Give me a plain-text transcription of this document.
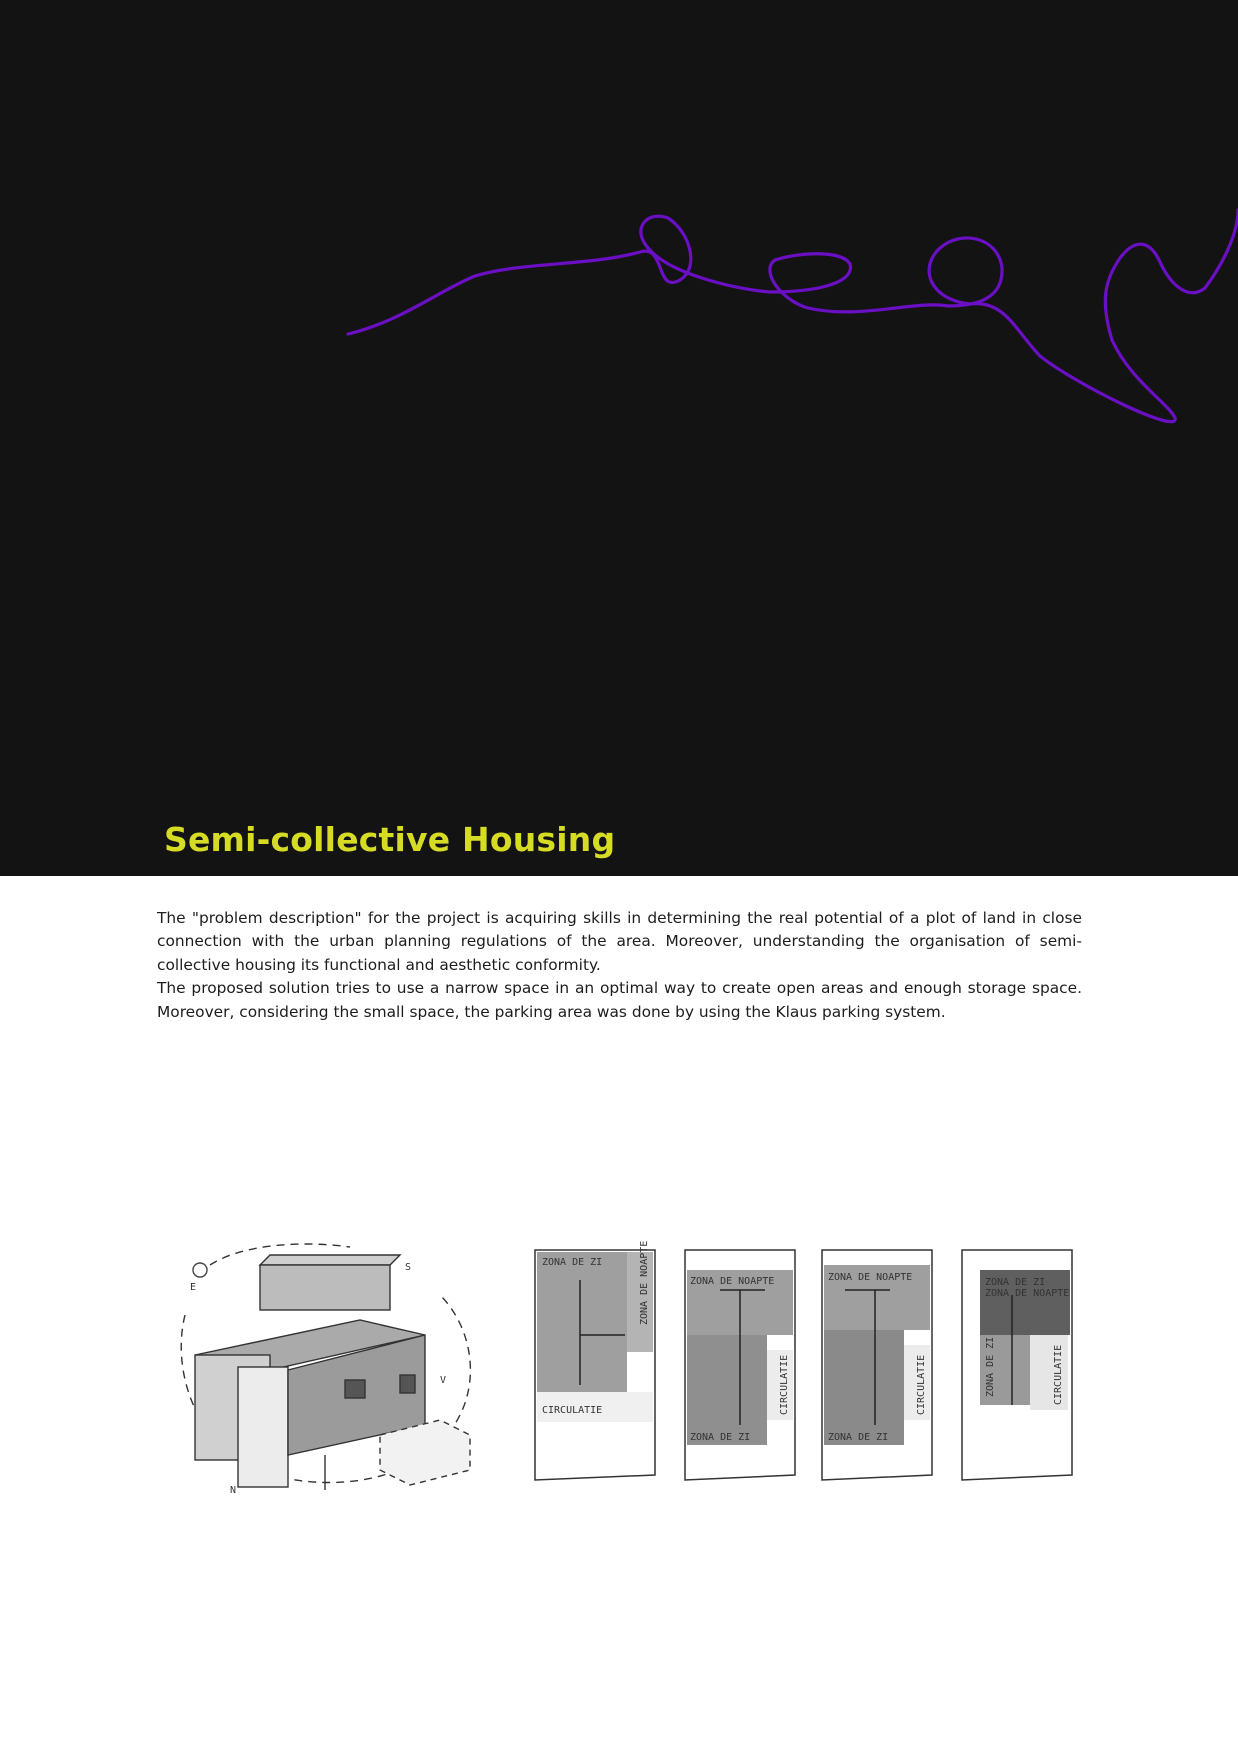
Semi-collective Housing

The "problem description" for the project is acquiring skills in determining the real potential of a plot of land in close connection with the urban planning regulations of the area. Moreover, understanding the organisation of semi-collective housing its functional and aesthetic conformity.

The proposed solution tries to use a narrow space in an optimal way to create open areas and enough storage space. Moreover, considering the small space, the parking area was done by using the Klaus parking system.

S
E
N
V
ZONA DE ZI	ZONA DE NOAPTE
CIRCULATIE
ZONA DE NOAPTE
CIRCULATIE
ZONA DE ZI
ZONA DE NOAPTE
CIRCULATIE
ZONA DE ZI
ZONA DE ZI
ZONA DE NOAPTE
ZONA DE ZI	CIRCULATIE
